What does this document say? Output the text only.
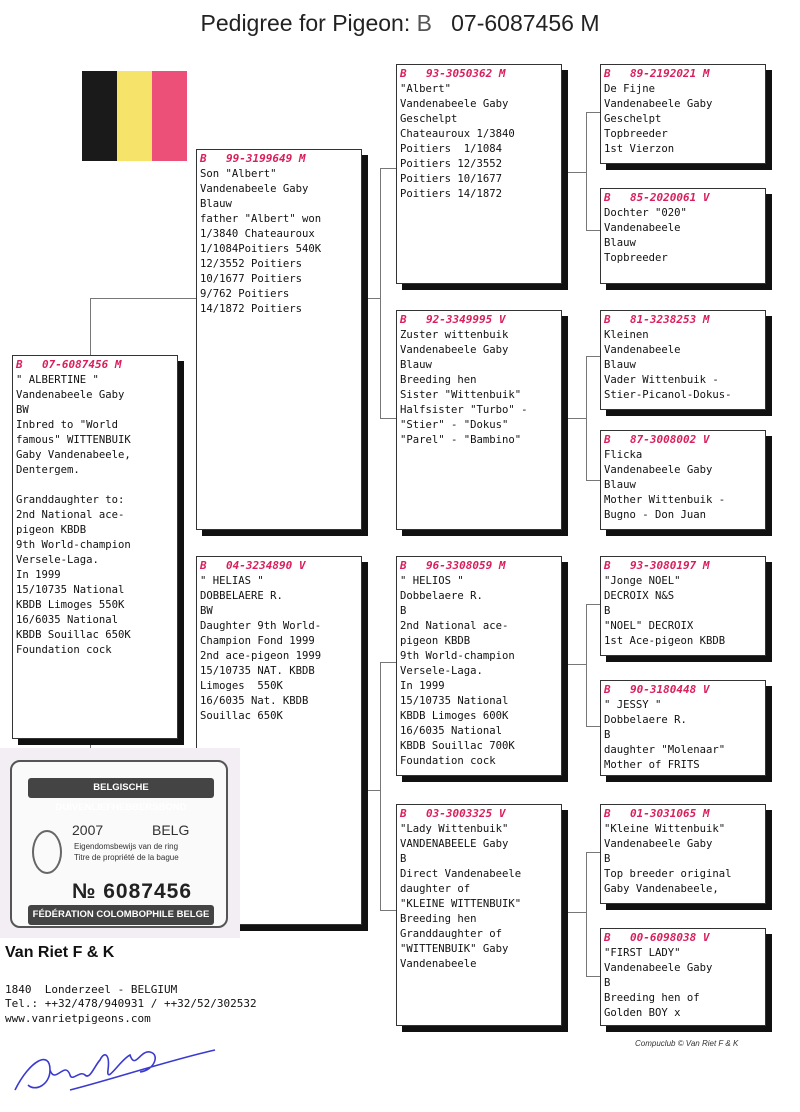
Pedigree for Pigeon: B 07-6087456 M
B	07-6087456 M
" ALBERTINE "
Vandenabeele Gaby
BW
Inbred to "World
famous" WITTENBUIK
Gaby Vandenabeele,
Dentergem.

Granddaughter to:
2nd National ace-
pigeon KBDB
9th World-champion
Versele-Laga.
In 1999
15/10735 National
KBDB Limoges 550K
16/6035 National
KBDB Souillac 650K
Foundation cock
B	99-3199649 M
Son "Albert"
Vandenabeele Gaby
Blauw
father "Albert" won
1/3840 Chateauroux
1/1084Poitiers 540K
12/3552 Poitiers
10/1677 Poitiers
9/762 Poitiers
14/1872 Poitiers
B	04-3234890 V
" HELIAS "
DOBBELAERE R.
BW
Daughter 9th World-
Champion Fond 1999
2nd ace-pigeon 1999
15/10735 NAT. KBDB
Limoges  550K
16/6035 Nat. KBDB
Souillac 650K
B	93-3050362 M
"Albert"
Vandenabeele Gaby
Geschelpt
Chateauroux 1/3840
Poitiers  1/1084
Poitiers 12/3552
Poitiers 10/1677
Poitiers 14/1872
B	92-3349995 V
Zuster wittenbuik
Vandenabeele Gaby
Blauw
Breeding hen
Sister "Wittenbuik"
Halfsister "Turbo" -
"Stier" - "Dokus"
"Parel" - "Bambino"
B	96-3308059 M
" HELIOS "
Dobbelaere R.
B
2nd National ace-
pigeon KBDB
9th World-champion
Versele-Laga.
In 1999
15/10735 National
KBDB Limoges 600K
16/6035 National
KBDB Souillac 700K
Foundation cock
B	03-3003325 V
"Lady Wittenbuik"
VANDENABEELE Gaby
B
Direct Vandenabeele
daughter of
"KLEINE WITTENBUIK"
Breeding hen
Granddaughter of
"WITTENBUIK" Gaby
Vandenabeele
B	89-2192021 M
De Fijne
Vandenabeele Gaby
Geschelpt
Topbreeder
1st Vierzon
B	85-2020061 V
Dochter "020"
Vandenabeele
Blauw
Topbreeder
B	81-3238253 M
Kleinen
Vandenabeele
Blauw
Vader Wittenbuik -
Stier-Picanol-Dokus-
B	87-3008002 V
Flicka
Vandenabeele Gaby
Blauw
Mother Wittenbuik -
Bugno - Don Juan
B	93-3080197 M
"Jonge NOEL"
DECROIX N&S
B
"NOEL" DECROIX
1st Ace-pigeon KBDB
B	90-3180448 V
" JESSY "
Dobbelaere R.
B
daughter "Molenaar"
Mother of FRITS
B	01-3031065 M
"Kleine Wittenbuik"
Vandenabeele Gaby
B
Top breeder original
Gaby Vandenabeele,
B	00-6098038 V
"FIRST LADY"
Vandenabeele Gaby
B
Breeding hen of
Golden BOY x
BELGISCHE DUIVENLIEFHEBBERSBOND
2007	BELG
Eigendomsbewijs van de ring
Titre de propriété de la bague
№ 6087456
FÉDÉRATION COLOMBOPHILE BELGE
Van Riet F & K
1840  Londerzeel - BELGIUM
Tel.: ++32/478/940931 / ++32/52/302532
www.vanrietpigeons.com
Compuclub © Van Riet F & K
